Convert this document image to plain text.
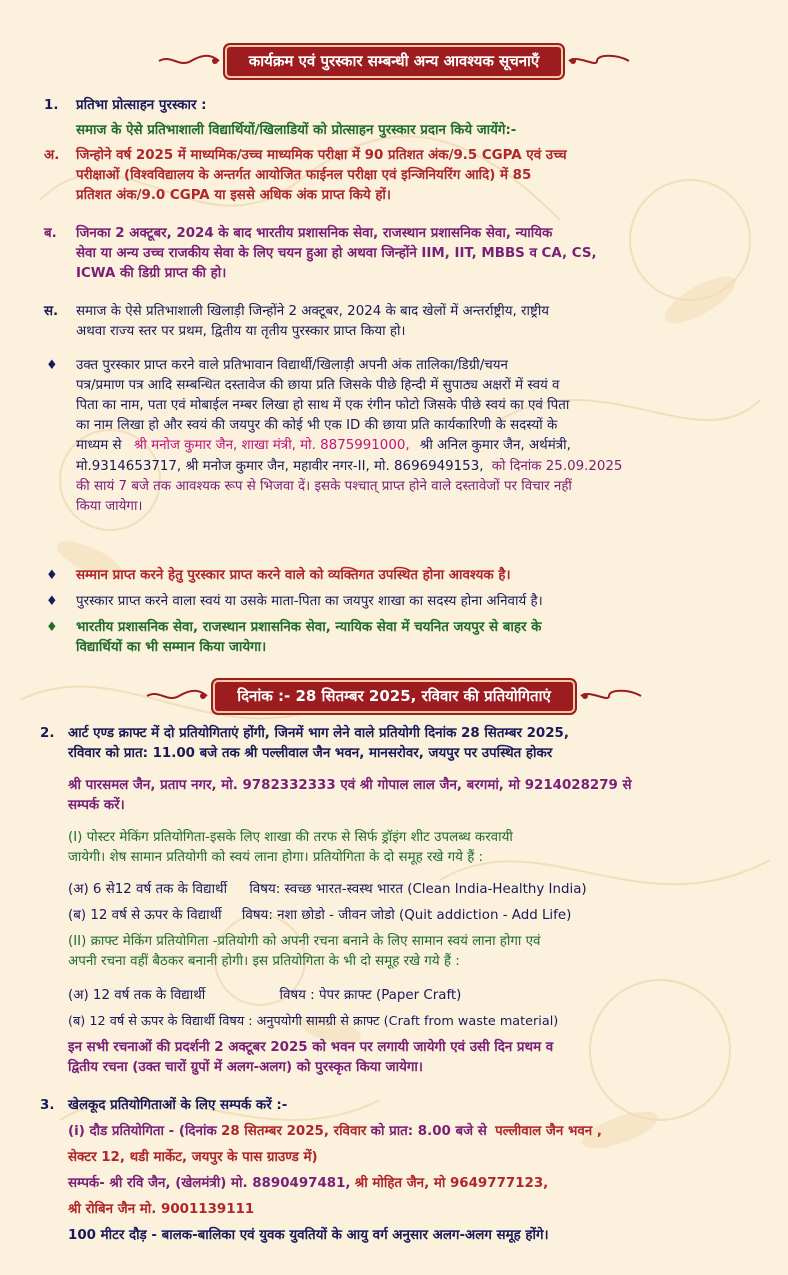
कार्यक्रम एवं पुरस्कार सम्बन्धी अन्य आवश्यक सूचनाएँ
1. प्रतिभा प्रोत्साहन पुरस्कार :
समाज के ऐसे प्रतिभाशाली विद्यार्थियों/खिलाडियों को प्रोत्साहन पुरस्कार प्रदान किये जायेंगे:-
अ. जिन्होने वर्ष 2025 में माध्यमिक/उच्च माध्यमिक परीक्षा में 90 प्रतिशत अंक/9.5 CGPA एवं उच्च
परीक्षाओं (विश्वविद्यालय के अन्तर्गत आयोजित फाईनल परीक्षा एवं इन्जिनियरिंग आदि) में 85
प्रतिशत अंक/9.0 CGPA या इससे अधिक अंक प्राप्त किये हों।
ब. जिनका 2 अक्टूबर, 2024 के बाद भारतीय प्रशासनिक सेवा, राजस्थान प्रशासनिक सेवा, न्यायिक
सेवा या अन्य उच्च राजकीय सेवा के लिए चयन हुआ हो अथवा जिन्होंने IIM, IIT, MBBS व CA, CS,
ICWA की डिग्री प्राप्त की हो।
स. समाज के ऐसे प्रतिभाशाली खिलाड़ी जिन्होंने 2 अक्टूबर, 2024 के बाद खेलों में अन्तर्राष्ट्रीय, राष्ट्रीय
अथवा राज्य स्तर पर प्रथम, द्वितीय या तृतीय पुरस्कार प्राप्त किया हो।
♦ उक्त पुरस्कार प्राप्त करने वाले प्रतिभावान विद्यार्थी/खिलाड़ी अपनी अंक तालिका/डिग्री/चयन
पत्र/प्रमाण पत्र आदि सम्बन्धित दस्तावेज की छाया प्रति जिसके पीछे हिन्दी में सुपाठ्य अक्षरों में स्वयं व
पिता का नाम, पता एवं मोबाईल नम्बर लिखा हो साथ में एक रंगीन फोटो जिसके पीछे स्वयं का एवं पिता
का नाम लिखा हो और स्वयं की जयपुर की कोई भी एक ID की छाया प्रति कार्यकारिणी के सदस्यों के
माध्यम से श्री मनोज कुमार जैन, शाखा मंत्री, मो. 8875991000, श्री अनिल कुमार जैन, अर्थमंत्री,
मो.9314653717, श्री मनोज कुमार जैन, महावीर नगर-II, मो. 8696949153, को दिनांक 25.09.2025
की सायं 7 बजे तक आवश्यक रूप से भिजवा दें। इसके पश्चात् प्राप्त होने वाले दस्तावेजों पर विचार नहीं
किया जायेगा।
♦ सम्मान प्राप्त करने हेतु पुरस्कार प्राप्त करने वाले को व्यक्तिगत उपस्थित होना आवश्यक है।
♦ पुरस्कार प्राप्त करने वाला स्वयं या उसके माता-पिता का जयपुर शाखा का सदस्य होना अनिवार्य है।
♦ भारतीय प्रशासनिक सेवा, राजस्थान प्रशासनिक सेवा, न्यायिक सेवा में चयनित जयपुर से बाहर के
विद्यार्थियों का भी सम्मान किया जायेगा।
दिनांक :- 28 सितम्बर 2025, रविवार की प्रतियोगिताएं
2. आर्ट एण्ड क्राफ्ट में दो प्रतियोगिताएं होंगी, जिनमें भाग लेने वाले प्रतियोगी दिनांक 28 सितम्बर 2025,
रविवार को प्रात: 11.00 बजे तक श्री पल्लीवाल जैन भवन, मानसरोवर, जयपुर पर उपस्थित होकर
श्री पारसमल जैन, प्रताप नगर, मो. 9782332333 एवं श्री गोपाल लाल जैन, बरगमां, मो 9214028279 से
सम्पर्क करें।
(I) पोस्टर मेकिंग प्रतियोगिता-इसके लिए शाखा की तरफ से सिर्फ ड्रॉइंग शीट उपलब्ध करवायी
जायेगी। शेष सामान प्रतियोगी को स्वयं लाना होगा। प्रतियोगिता के दो समूह रखे गये हैं :
(अ) 6 से12 वर्ष तक के विद्यार्थी विषय: स्वच्छ भारत-स्वस्थ भारत (Clean India-Healthy India)
(ब) 12 वर्ष से ऊपर के विद्यार्थी विषय: नशा छोडो - जीवन जोडो (Quit addiction - Add Life)
(II) क्राफ्ट मेकिंग प्रतियोगिता -प्रतियोगी को अपनी रचना बनाने के लिए सामान स्वयं लाना होगा एवं
अपनी रचना वहीं बैठकर बनानी होगी। इस प्रतियोगिता के भी दो समूह रखे गये हैं :
(अ) 12 वर्ष तक के विद्यार्थी	विषय : पेपर क्राफ्ट (Paper Craft)
(ब) 12 वर्ष से ऊपर के विद्यार्थी विषय : अनुपयोगी सामग्री से क्राफ्ट (Craft from waste material)
इन सभी रचनाओं की प्रदर्शनी 2 अक्टूबर 2025 को भवन पर लगायी जायेगी एवं उसी दिन प्रथम व
द्वितीय रचना (उक्त चारों ग्रुपों में अलग-अलग) को पुरस्कृत किया जायेगा।
3. खेलकूद प्रतियोगिताओं के लिए सम्पर्क करें :-
(i) दौड प्रतियोगिता - (दिनांक 28 सितम्बर 2025, रविवार को प्रात: 8.00 बजे से पल्लीवाल जैन भवन ,
सेक्टर 12, थडी मार्केट, जयपुर के पास ग्राउण्ड में)
सम्पर्क- श्री रवि जैन, (खेलमंत्री) मो. 8890497481, श्री मोहित जैन, मो 9649777123,
श्री रोबिन जैन मो. 9001139111
100 मीटर दौड़ - बालक-बालिका एवं युवक युवतियों के आयु वर्ग अनुसार अलग-अलग समूह होंगे।
